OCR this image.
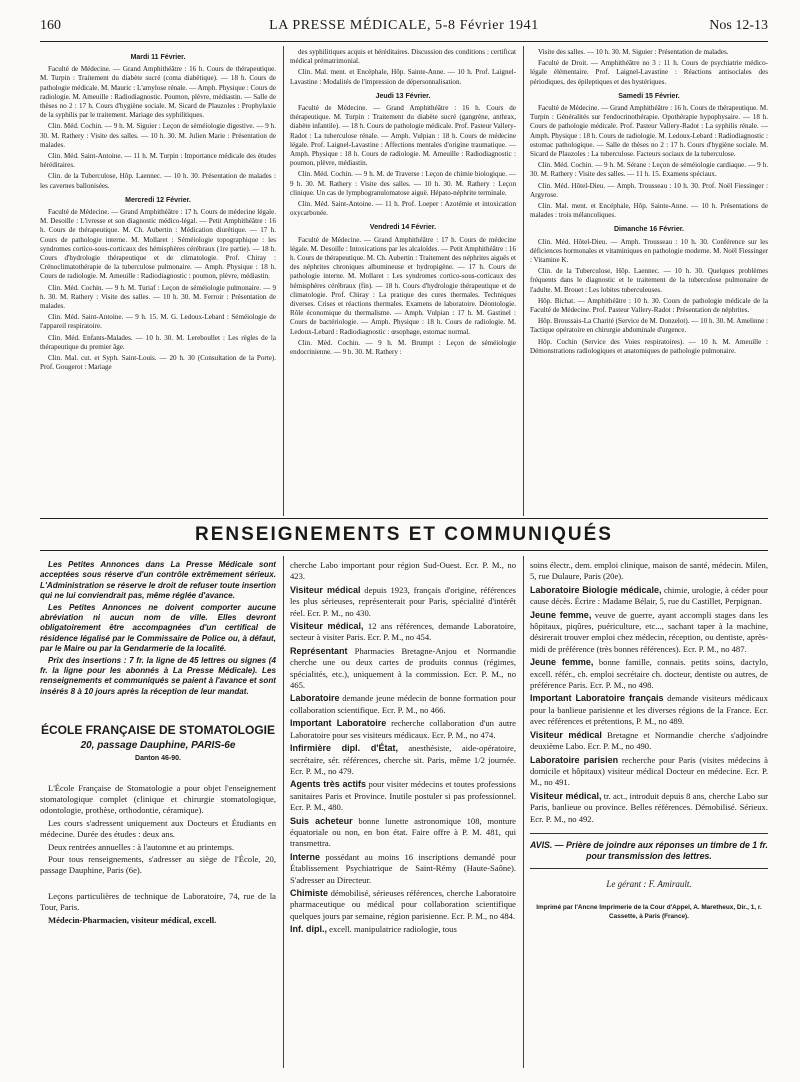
160	LA PRESSE MÉDICALE, 5-8 Février 1941	Nos 12-13
Mardi 11 Février.

Faculté de Médecine. — Grand Amphithéâtre : 16 h. Cours de thérapeutique. M. Turpin : Traitement du diabète sucré (coma diabétique). — 18 h. Cours de pathologie médicale. M. Mauric : L'amylose rénale. — Amph. Physique : Cours de radiologie. M. Ameuille : Radiodiagnostic. Poumon, plèvre, médiastin. — Salle de thèses no 2 : 17 h. Cours d'hygiène sociale. M. Sicard de Plauzoles : Prophylaxie de la syphilis par le traitement. Mariage des syphilitiques.

Clin. Méd. Cochin. — 9 h. M. Siguier : Leçon de séméiologie digestive. — 9 h. 30. M. Rathery : Visite des salles. — 10 h. 30. M. Julien Marie : Présentation de malades.

Clin. Méd. Saint-Antoine. — 11 h. M. Turpin : Importance médicale des études héréditaires.

Clin. de la Tuberculose, Hôp. Laennec. — 10 h. 30. Présentation de malades : les cavernes ballonisées.

Mercredi 12 Février.

Faculté de Médecine. — Grand Amphithéâtre : 17 h. Cours de médecine légale. M. Desoille : L'ivresse et son diagnostic médico-légal. — Petit Amphithéâtre : 16 h. Cours de thérapeutique. M. Ch. Aubertin : Médication diurétique. — 17 h. Cours de pathologie interne. M. Mollaret : Séméiologie topographique : les syndromes cortico-sous-corticaux des hémisphères cérébraux (1re partie). — 18 h. Cours d'hydrologie thérapeutique et de climatologie. Prof. Chiray : Crénoclimatothérapie de la tuberculose pulmonaire. — Amph. Physique : 18 h. Cours de radiologie. M. Ameuille : Radiodiagnostic : poumon, plèvre, médiastin.

Clin. Méd. Cochin. — 9 h. M. Turiaf : Leçon de séméiologie pulmonaire. — 9 h. 30. M. Rathery : Visite des salles. — 10 h. 30. M. Ferroir : Présentation de malades.

Clin. Méd. Saint-Antoine. — 9 h. 15. M. G. Ledoux-Lebard : Séméiologie de l'appareil respiratoire.

Clin. Méd. Enfants-Malades. — 10 h. 30. M. Lereboullet : Les règles de la thérapeutique du premier âge.

Clin. Mal. cut. et Syph. Saint-Louis. — 20 h. 30 (Consultation de la Porte). Prof. Gougerot : Mariage

des syphilitiques acquis et héréditaires. Discussion des conditions : certificat médical prématrimonial.

Clin. Mal. ment. et Encéphale, Hôp. Sainte-Anne. — 10 h. Prof. Laignel-Lavastine : Modalités de l'impression de dépersonnalisation.

Jeudi 13 Février.

Faculté de Médecine. — Grand Amphithéâtre : 16 h. Cours de thérapeutique. M. Turpin : Traitement du diabète sucré (gangrène, anthrax, diabète infantile). — 18 h. Cours de pathologie médicale. Prof. Pasteur Vallery-Radot : La tuberculose rénale. — Amph. Vulpian : 18 h. Cours de médecine légale. Prof. Laignel-Lavastine : Affections mentales d'origine traumatique. — Amph. Physique : 18 h. Cours de radiologie. M. Ameuille : Radiodiagnostic : poumon, plèvre, médiastin.

Clin. Méd. Cochin. — 9 h. M. de Traverse : Leçon de chimie biologique. — 9 h. 30. M. Rathery : Visite des salles. — 10 h. 30. M. Rathery : Leçon clinique. Un cas de lymphogranulomatose aiguë. Hépato-néphrite terminale.

Clin. Méd. Saint-Antoine. — 11 h. Prof. Loeper : Azotémie et intoxication oxycarbonée.

Vendredi 14 Février.

Faculté de Médecine. — Grand Amphithéâtre : 17 h. Cours de médecine légale. M. Desoille : Intoxications par les alcaloïdes. — Petit Amphithéâtre : 16 h. Cours de thérapeutique. M. Ch. Aubertin : Traitement des néphrites aiguës et des néphrites chroniques albumineuse et hydropigène. — 17 h. Cours de pathologie interne. M. Mollaret : Les syndromes cortico-sous-corticaux des hémisphères cérébraux (fin). — 18 h. Cours d'hydrologie thérapeutique et de climatologie. Prof. Chiray : La pratique des cures thermales. Techniques diverses. Crises et réactions thermales. Examens de laboratoire. Déontologie. Rôle économique du thermalisme. — Amph. Vulpian : 17 h. M. Gastinel : Cours de bactériologie. — Amph. Physique : 18 h. Cours de radiologie. M. Ledoux-Lebard : Radiodiagnostic : œsophage, estomac normal.

Clin. Méd. Cochin. — 9 h. M. Brumpt : Leçon de séméiologie endocrinienne. — 9 h. 30. M. Rathery :

Visite des salles. — 10 h. 30. M. Siguier : Présentation de malades.

Faculté de Droit. — Amphithéâtre no 3 : 11 h. Cours de psychiatrie médico-légale élémentaire. Prof. Laignel-Lavastine : Réactions antisociales des périodiques, des épileptiques et des hystériques.

Samedi 15 Février.

Faculté de Médecine. — Grand Amphithéâtre : 16 h. Cours de thérapeutique. M. Turpin : Généralités sur l'endocrinothérapie. Opothérapie hypophysaire. — 18 h. Cours de pathologie médicale. Prof. Pasteur Vallery-Radot : La syphilis rénale. — Amph. Physique : 18 h. Cours de radiologie. M. Ledoux-Lebard : Radiodiagnostic : estomac pathologique. — Salle de thèses no 2 : 17 h. Cours d'hygiène sociale. M. Sicard de Plauzoles : La tuberculose. Facteurs sociaux de la tuberculose.

Clin. Méd. Cochin. — 9 h. M. Sérane : Leçon de séméiologie cardiaque. — 9 h. 30. M. Rathery : Visite des salles. — 11 h. 15. Examens spéciaux.

Clin. Méd. Hôtel-Dieu. — Amph. Trousseau : 10 h. 30. Prof. Noël Fiessinger : Argyrose.

Clin. Mal. ment. et Encéphale, Hôp. Sainte-Anne. — 10 h. Présentations de malades : trois mélancoliques.

Dimanche 16 Février.

Clin. Méd. Hôtel-Dieu. — Amph. Trousseau : 10 h. 30. Conférence sur les déficiences hormonales et vitaminiques en pathologie moderne. M. Noël Fiessinger : Vitamine K.

Clin. de la Tuberculose, Hôp. Laennec. — 10 h. 30. Quelques problèmes fréquents dans le diagnostic et le traitement de la tuberculose pulmonaire de l'adulte. M. Brouet : Les lobites tuberculeuses.

Hôp. Bichat. — Amphithéâtre : 10 h. 30. Cours de pathologie médicale de la Faculté de Médecine. Prof. Pasteur Vallery-Radot : Présentation de néphrites.

Hôp. Broussais-La Charité (Service de M. Donzelot). — 10 h. 30. M. Amelinne : Tactique opératoire en chirurgie abdominale d'urgence.

Hôp. Cochin (Service des Voies respiratoires). — 10 h. M. Ameuille : Démonstrations radiologiques et anatomiques de pathologie pulmonaire.

RENSEIGNEMENTS ET COMMUNIQUÉS

Les Petites Annonces dans La Presse Médicale sont acceptées sous réserve d'un contrôle extrêmement sérieux. L'Administration se réserve le droit de refuser toute insertion qui ne lui conviendrait pas, même réglée d'avance.

Les Petites Annonces ne doivent comporter aucune abréviation ni aucun nom de ville. Elles devront obligatoirement être accompagnées d'un certifical de résidence légalisé par le Commissaire de Police ou, à défaut, par le Maire ou par la Gendarmerie de la localité.

Prix des insertions : 7 fr. la ligne de 45 lettres ou signes (4 fr. la ligne pour les abonnés à La Presse Médicale). Les renseignements et communiqués se paient à l'avance et sont insérés 8 à 10 jours après la réception de leur mandat.

ÉCOLE FRANÇAISE DE STOMATOLOGIE
20, passage Dauphine, PARIS-6e
Danton 46-90.

L'École Française de Stomatologie a pour objet l'enseignement stomatologique complet (clinique et chirurgie stomatologique, odontologie, prothèse, orthodontie, céramique).

Les cours s'adressent uniquement aux Docteurs et Étudiants en médecine. Durée des études : deux ans.

Deux rentrées annuelles : à l'automne et au printemps.

Pour tous renseignements, s'adresser au siège de l'École, 20, passage Dauphine, Paris (6e).

Leçons particulières de technique de Laboratoire, 74, rue de la Tour, Paris.

Médecin-Pharmacien, visiteur médical, excell.

cherche Labo important pour région Sud-Ouest. Ecr. P. M., no 423.
Visiteur médical depuis 1923, français d'origine, références les plus sérieuses, représenterait pour Paris, spécialité d'intérêt réel. Ecr. P. M., no 430.
Visiteur médical, 12 ans références, demande Laboratoire, secteur à visiter Paris. Ecr. P. M., no 454.
Représentant Pharmacies Bretagne-Anjou et Normandie cherche une ou deux cartes de produits connus (régimes, spécialités, etc.), uniquement à la commission. Ecr. P. M., no 465.
Laboratoire demande jeune médecin de bonne formation pour collaboration scientifique. Ecr. P. M., no 466.
Important Laboratoire recherche collaboration d'un autre Laboratoire pour ses visiteurs médicaux. Ecr. P. M., no 474.
Infirmière dipl. d'État, anesthésiste, aide-opératoire, secrétaire, sér. références, cherche sit. Paris, même 1/2 journée. Ecr. P. M., no 479.
Agents très actifs pour visiter médecins et toutes professions sanitaires Paris et Province. Inutile postuler si pas professionnel. Ecr. P. M., 480.
Suis acheteur bonne lunette astronomique 108, monture équatoriale ou non, en bon état. Faire offre à P. M. 481, qui transmettra.
Interne possédant au moins 16 inscriptions demandé pour Établissement Psychiatrique de Saint-Rémy (Haute-Saône). S'adresser au Directeur.
Chimiste démobilisé, sérieuses références, cherche Laboratoire pharmaceutique ou médical pour collaboration scientifique quelques jours par semaine, région parisienne. Ecr. P. M., no 484.
Inf. dipl., excell. manipulatrice radiologie, tous
soins électr., dem. emploi clinique, maison de santé, médecin. Milen, 5, rue Dulaure, Paris (20e).
Laboratoire Biologie médicale, chimie, urologie, à céder pour cause décès. Écrire : Madame Bélair, 5, rue du Castillet, Perpignan.
Jeune femme, veuve de guerre, ayant accompli stages dans les hôpitaux, piqûres, puériculture, etc..., sachant taper à la machine, désirerait trouver emploi chez médecin, réception, ou dentiste, après-midi de préférence (très bonnes références). Ecr. P. M., no 487.
Jeune femme, bonne famille, connais. petits soins, dactylo, excell. référ., ch. emploi secrétaire ch. docteur, dentiste ou autres, de préférence Paris. Ecr. P. M., no 498.
Important Laboratoire français demande visiteurs médicaux pour la banlieue parisienne et les diverses régions de la France. Ecr. avec références et prétentions, P. M., no 489.
Visiteur médical Bretagne et Normandie cherche s'adjoindre deuxième Labo. Ecr. P. M., no 490.
Laboratoire parisien recherche pour Paris (visites médecins à domicile et hôpitaux) visiteur médical Docteur en médecine. Ecr. P. M., no 491.
Visiteur médical, tr. act., introduit depuis 8 ans, cherche Labo sur Paris, banlieue ou province. Belles références. Démobilisé. Sérieux. Ecr. P. M., no 492.
AVIS. — Prière de joindre aux réponses un timbre de 1 fr. pour transmission des lettres.
Le gérant : F. Amirault.
Imprimé par l'Ancne Imprimerie de la Cour d'Appel, A. Maretheux, Dir., 1, r. Cassette, à Paris (France).
